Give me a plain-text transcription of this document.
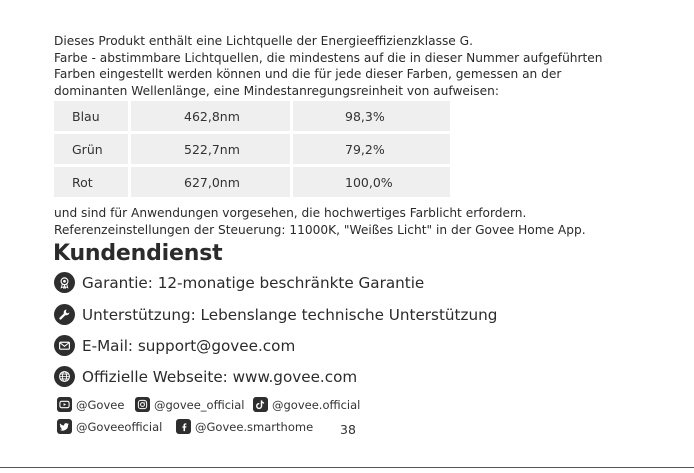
Dieses Produkt enthält eine Lichtquelle der Energieeffizienzklasse G.
Farbe - abstimmbare Lichtquellen, die mindestens auf die in dieser Nummer aufgeführten
Farben eingestellt werden können und die für jede dieser Farben, gemessen an der
dominanten Wellenlänge, eine Mindestanregungsreinheit von aufweisen:
Blau	462,8nm	98,3%
Grün	522,7nm	79,2%
Rot	627,0nm	100,0%
und sind für Anwendungen vorgesehen, die hochwertiges Farblicht erfordern.
Referenzeinstellungen der Steuerung: 11000K, "Weißes Licht" in der Govee Home App.
Kundendienst
Garantie: 12-monatige beschränkte Garantie
Unterstützung: Lebenslange technische Unterstützung
E-Mail: support@govee.com
Offizielle Webseite: www.govee.com
@Govee	@govee_official @govee.official
@Goveeofficial	@Govee.smarthome 38
